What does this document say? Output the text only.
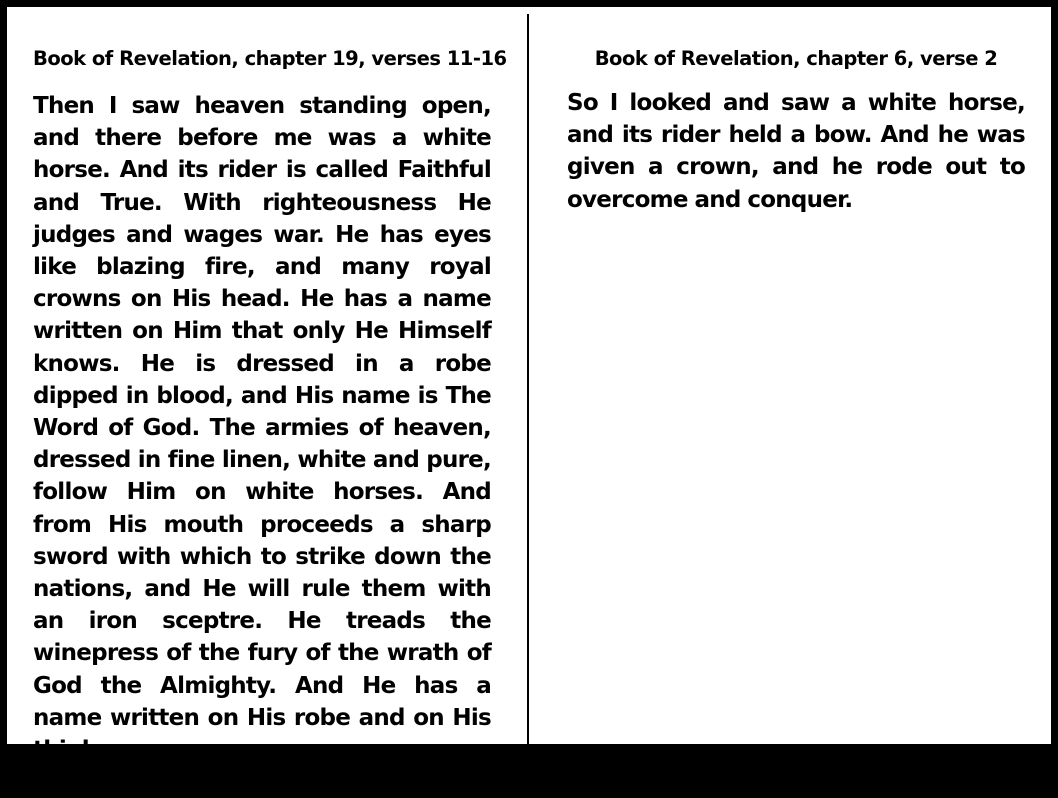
Book of Revelation, chapter 19, verses 11-16

Then I saw heaven standing open, and there before me was a white horse. And its rider is called Faithful and True. With righteousness He judges and wages war. He has eyes like blazing fire, and many royal crowns on His head. He has a name written on Him that only He Himself knows. He is dressed in a robe dipped in blood, and His name is The Word of God. The armies of heaven, dressed in fine linen, white and pure, follow Him on white horses. And from His mouth proceeds a sharp sword with which to strike down the nations, and He will rule them with an iron sceptre. He treads the winepress of the fury of the wrath of God the Almighty. And He has a name written on His robe and on His thigh:

KING OF KINGS AND LORD OF LORDS.
Book of Revelation, chapter 6, verse 2

So I looked and saw a white horse, and its rider held a bow. And he was given a crown, and he rode out to overcome and conquer.
